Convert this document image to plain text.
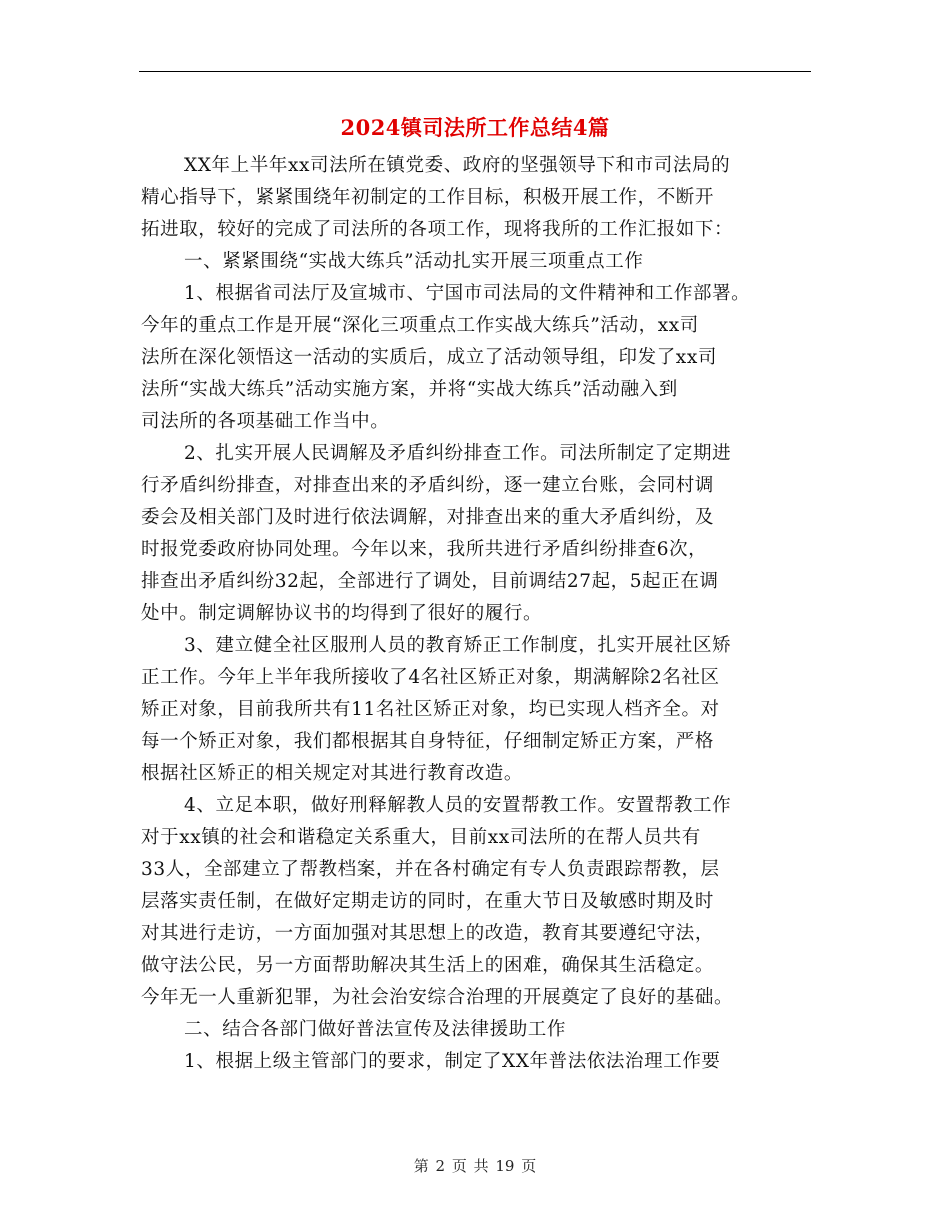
2024镇司法所工作总结4篇
XX年上半年xx司法所在镇党委、政府的坚强领导下和市司法局的
精心指导下，紧紧围绕年初制定的工作目标，积极开展工作，不断开
拓进取，较好的完成了司法所的各项工作，现将我所的工作汇报如下：
一、紧紧围绕“实战大练兵”活动扎实开展三项重点工作
1、根据省司法厅及宣城市、宁国市司法局的文件精神和工作部署。
今年的重点工作是开展“深化三项重点工作实战大练兵”活动，xx司
法所在深化领悟这一活动的实质后，成立了活动领导组，印发了xx司
法所“实战大练兵”活动实施方案，并将“实战大练兵”活动融入到
司法所的各项基础工作当中。
2、扎实开展人民调解及矛盾纠纷排查工作。司法所制定了定期进
行矛盾纠纷排查，对排查出来的矛盾纠纷，逐一建立台账，会同村调
委会及相关部门及时进行依法调解，对排查出来的重大矛盾纠纷，及
时报党委政府协同处理。今年以来，我所共进行矛盾纠纷排查6次，
排查出矛盾纠纷32起，全部进行了调处，目前调结27起，5起正在调
处中。制定调解协议书的均得到了很好的履行。
3、建立健全社区服刑人员的教育矫正工作制度，扎实开展社区矫
正工作。今年上半年我所接收了4名社区矫正对象，期满解除2名社区
矫正对象，目前我所共有11名社区矫正对象，均已实现人档齐全。对
每一个矫正对象，我们都根据其自身特征，仔细制定矫正方案，严格
根据社区矫正的相关规定对其进行教育改造。
4、立足本职，做好刑释解教人员的安置帮教工作。安置帮教工作
对于xx镇的社会和谐稳定关系重大，目前xx司法所的在帮人员共有
33人，全部建立了帮教档案，并在各村确定有专人负责跟踪帮教，层
层落实责任制，在做好定期走访的同时，在重大节日及敏感时期及时
对其进行走访，一方面加强对其思想上的改造，教育其要遵纪守法，
做守法公民，另一方面帮助解决其生活上的困难，确保其生活稳定。
今年无一人重新犯罪，为社会治安综合治理的开展奠定了良好的基础。
二、结合各部门做好普法宣传及法律援助工作
1、根据上级主管部门的要求，制定了XX年普法依法治理工作要
第 2 页 共 19 页
